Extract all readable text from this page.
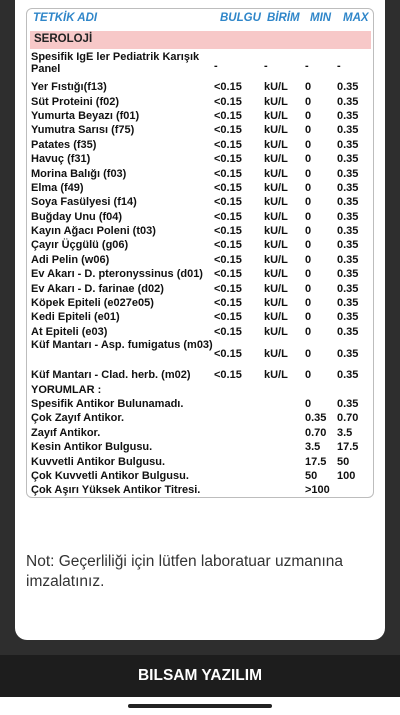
TETKİK ADI	BULGU BİRİM MIN MAX
SEROLOJİ
Spesifik IgE ler Pediatrik Karışık Panel	-	-	-	-
Yer Fıstığı(f13)	<0.15 kU/L 0 0.35
Süt Proteini (f02)	<0.15 kU/L 0 0.35
Yumurta Beyazı (f01)	<0.15 kU/L 0 0.35
Yumutra Sarısı (f75)	<0.15 kU/L 0 0.35
Patates (f35)	<0.15 kU/L 0 0.35
Havuç (f31)	<0.15 kU/L 0 0.35
Morina Balığı (f03)	<0.15 kU/L 0 0.35
Elma (f49)	<0.15 kU/L 0 0.35
Soya Fasülyesi (f14)	<0.15 kU/L 0 0.35
Buğday Unu (f04)	<0.15 kU/L 0 0.35
Kayın Ağacı Poleni (t03)	<0.15 kU/L 0 0.35
Çayır Üçgülü (g06)	<0.15 kU/L 0 0.35
Adi Pelin (w06)	<0.15 kU/L 0 0.35
Ev Akarı - D. pteronyssinus (d01)	<0.15 kU/L 0 0.35
Ev Akarı - D. farinae (d02)	<0.15 kU/L 0 0.35
Köpek Epiteli (e027e05)	<0.15 kU/L 0 0.35
Kedi Epiteli (e01)	<0.15 kU/L 0 0.35
At Epiteli (e03)	<0.15 kU/L 0 0.35
Küf Mantarı - Asp. fumigatus (m03)
<0.15 kU/L 0 0.35
Küf Mantarı - Clad. herb. (m02)	<0.15 kU/L 0 0.35
YORUMLAR :
Spesifik Antikor Bulunamadı.	0 0.35
Çok Zayıf Antikor.	0.35 0.70
Zayıf Antikor.	0.70 3.5
Kesin Antikor Bulgusu.	3.5 17.5
Kuvvetli Antikor Bulgusu.	17.5 50
Çok Kuvvetli Antikor Bulgusu.	50 100
Çok Aşırı Yüksek Antikor Titresi.	>100
Not: Geçerliliği için lütfen laboratuar uzmanına imzalatınız.
BILSAM YAZILIM
